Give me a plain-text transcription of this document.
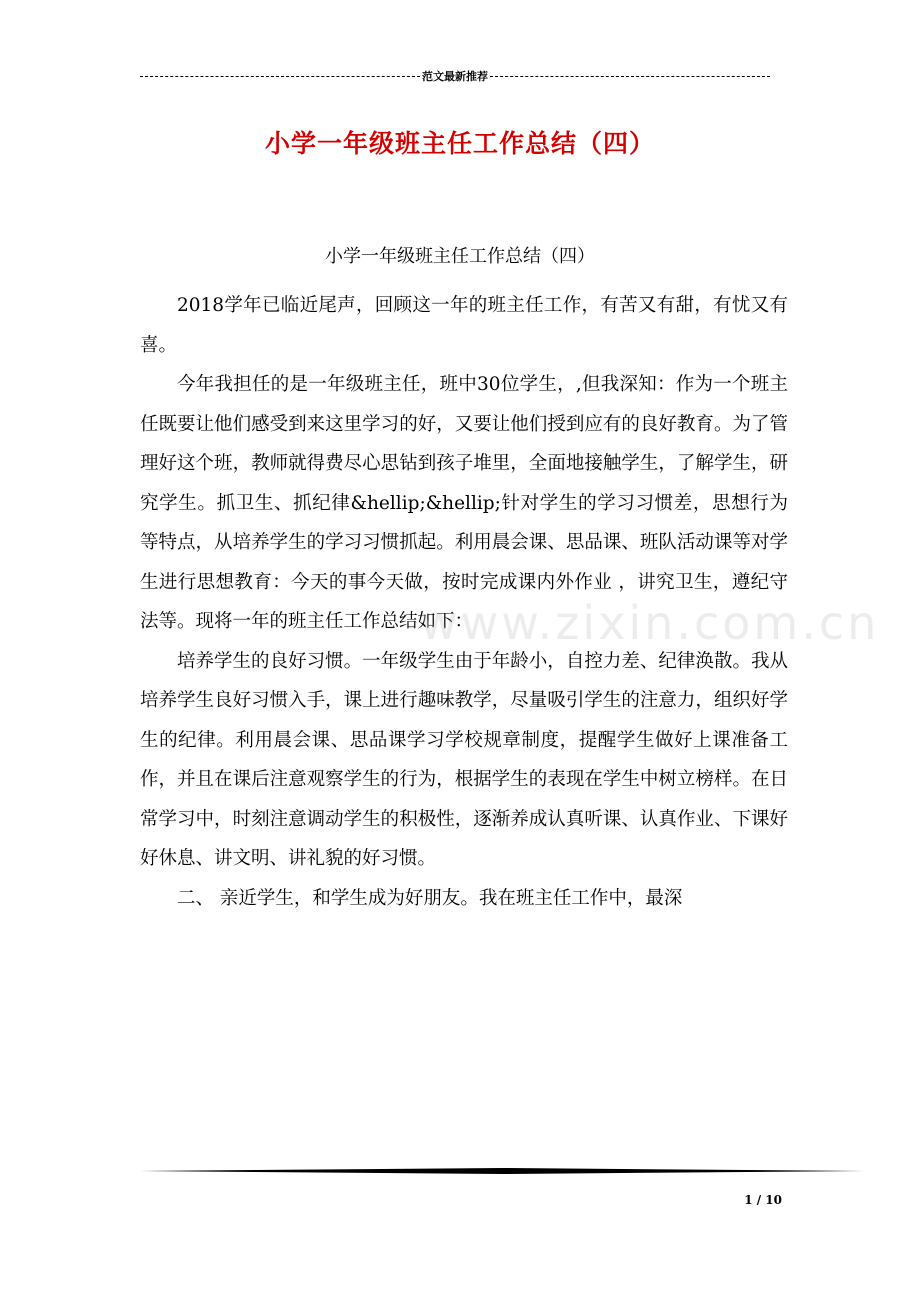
范文最新推荐
小学一年级班主任工作总结（四）
小学一年级班主任工作总结（四）

2018学年已临近尾声，回顾这一年的班主任工作，有苦又有甜，有忧又有喜。

今年我担任的是一年级班主任，班中30位学生，,但我深知：作为一个班主任既要让他们感受到来这里学习的好，又要让他们授到应有的良好教育。为了管理好这个班，教师就得费尽心思钻到孩子堆里，全面地接触学生，了解学生，研究学生。抓卫生、抓纪律&hellip;&hellip;针对学生的学习习惯差，思想行为等特点，从培养学生的学习习惯抓起。利用晨会课、思品课、班队活动课等对学生进行思想教育：今天的事今天做，按时完成课内外作业 ，讲究卫生，遵纪守法等。现将一年的班主任工作总结如下：

培养学生的良好习惯。一年级学生由于年龄小，自控力差、纪律涣散。我从培养学生良好习惯入手，课上进行趣味教学，尽量吸引学生的注意力，组织好学生的纪律。利用晨会课、思品课学习学校规章制度，提醒学生做好上课准备工作，并且在课后注意观察学生的行为，根据学生的表现在学生中树立榜样。在日常学习中，时刻注意调动学生的积极性，逐渐养成认真听课、认真作业、下课好好休息、讲文明、讲礼貌的好习惯。

二、 亲近学生，和学生成为好朋友。我在班主任工作中，最深

www.zixin.com.cn
1 / 10
